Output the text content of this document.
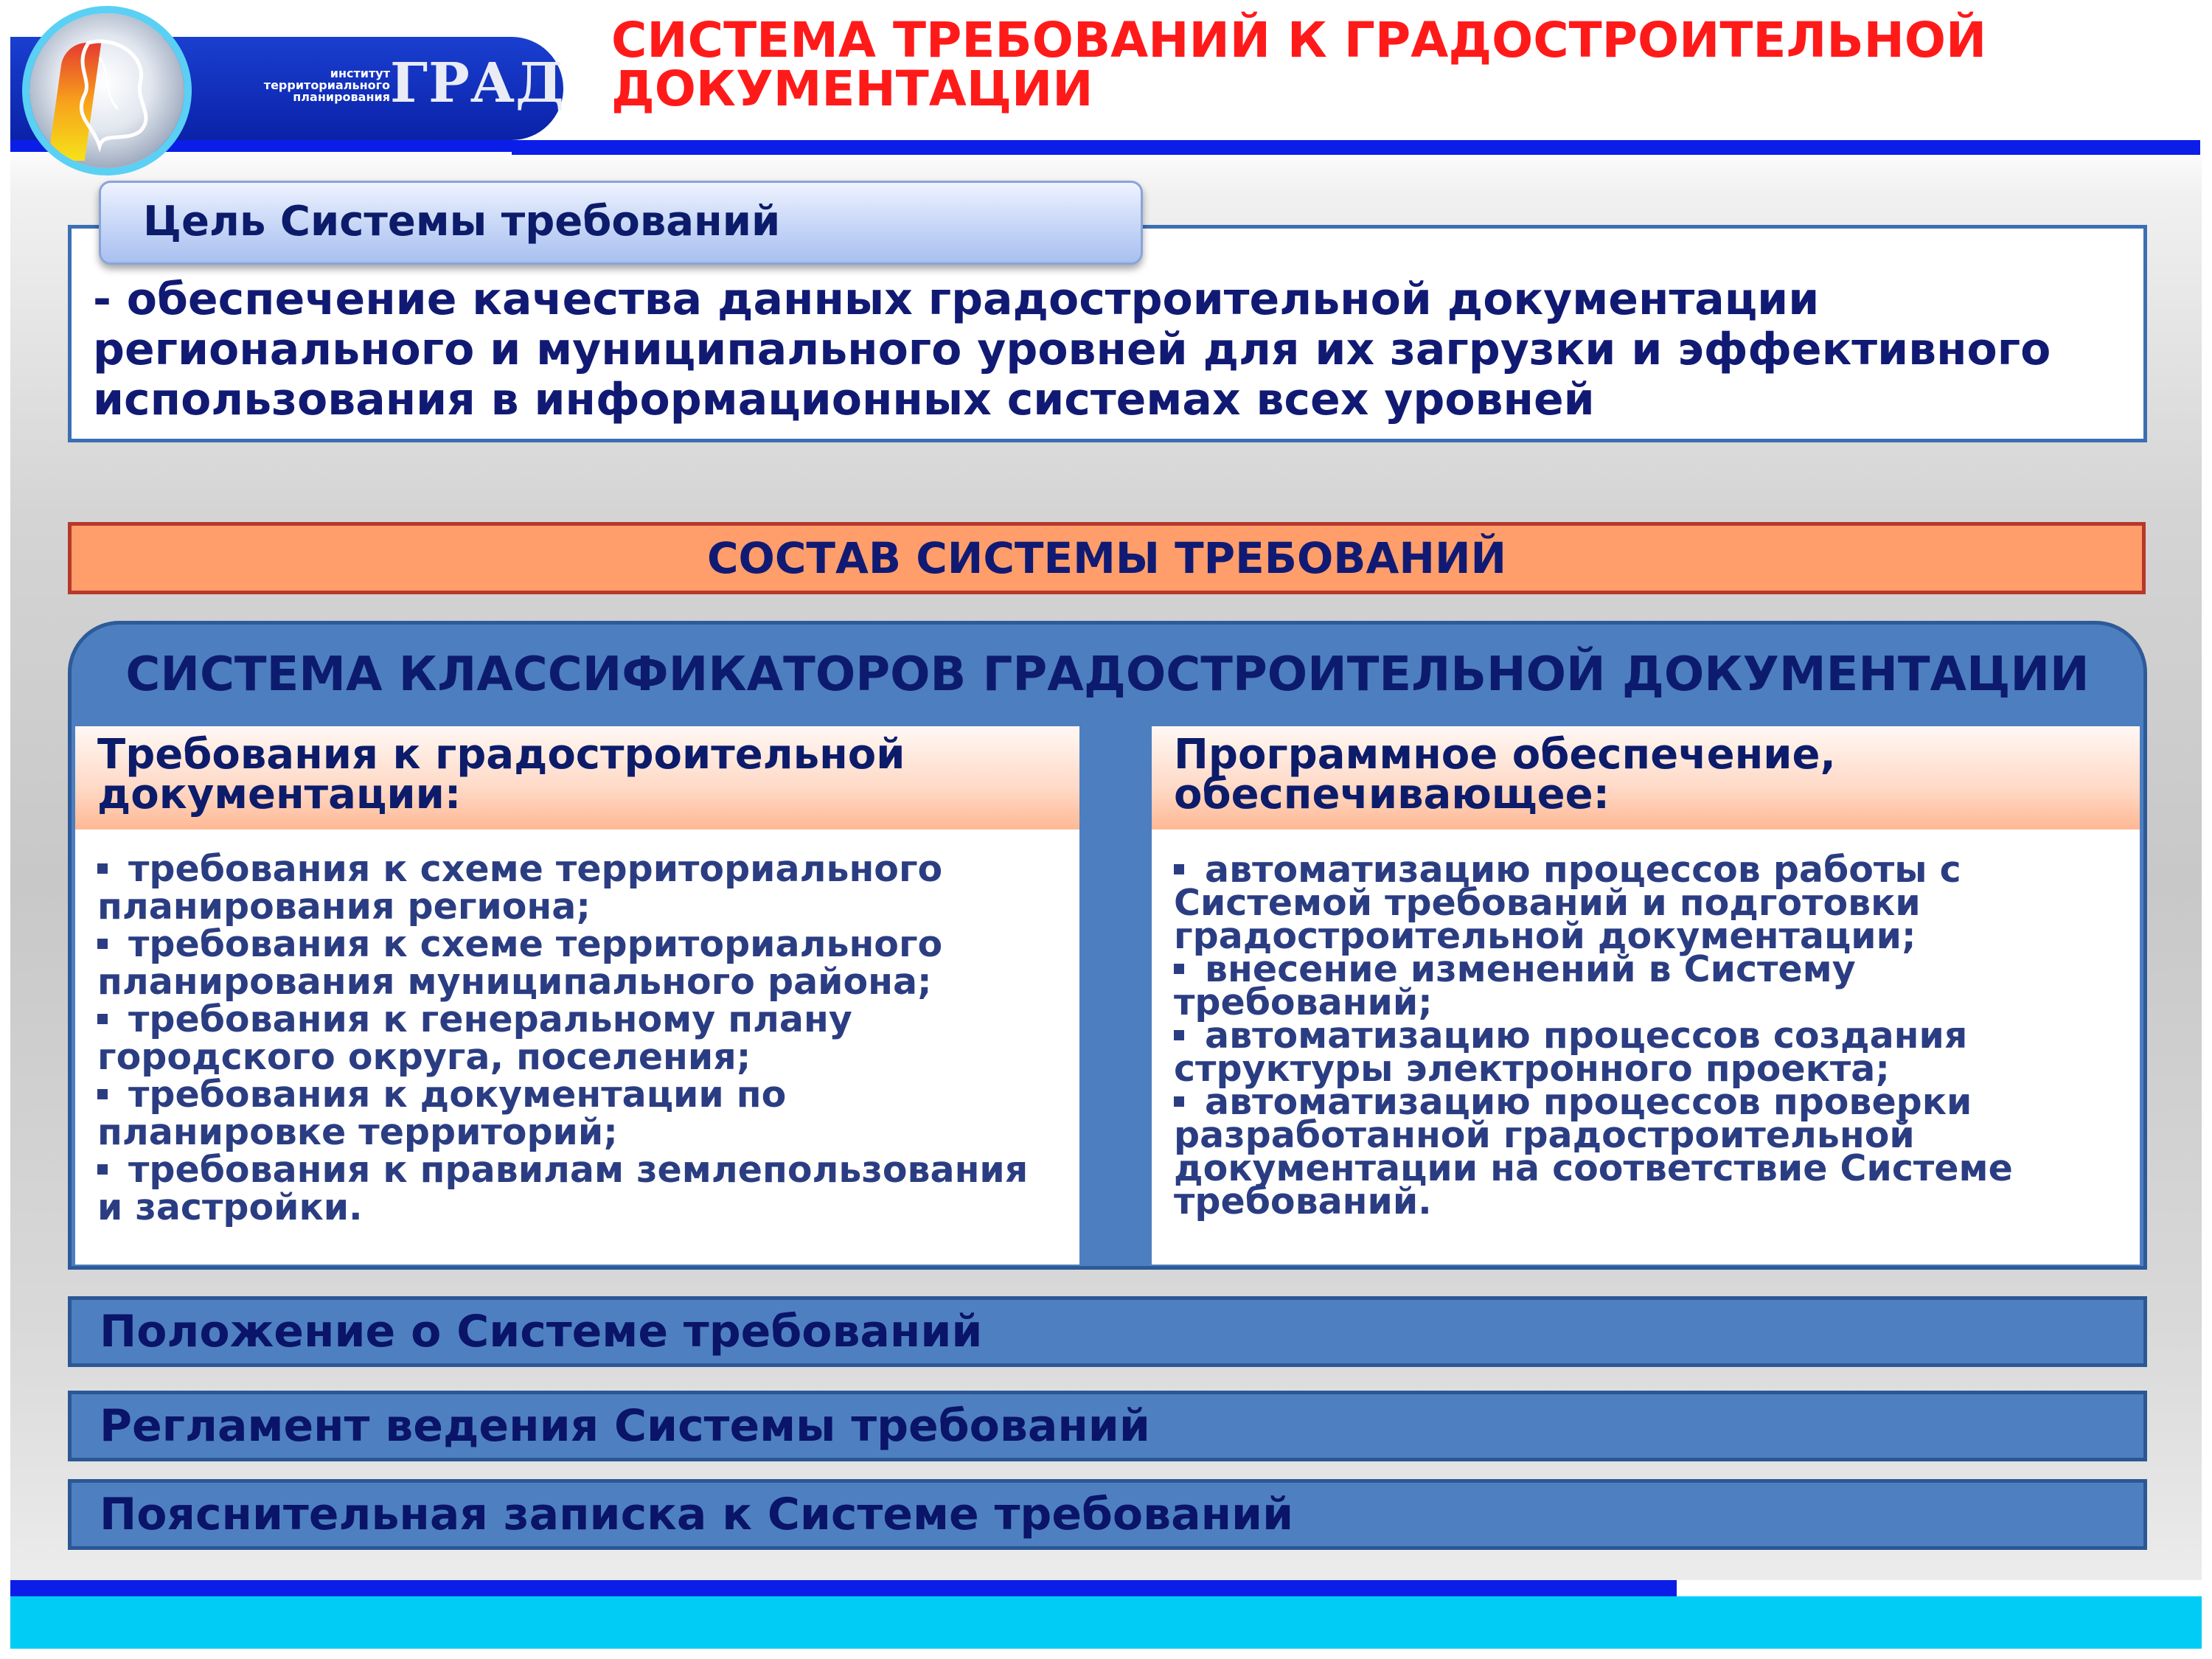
институт
территориального
планирования ГРАД
СИСТЕМА ТРЕБОВАНИЙ К ГРАДОСТРОИТЕЛЬНОЙ
ДОКУМЕНТАЦИИ
Цель Системы требований
- обеспечение качества данных градостроительной документации
регионального и муниципального уровней для их загрузки и эффективного
использования в информационных системах всех уровней
СОСТАВ СИСТЕМЫ ТРЕБОВАНИЙ
СИСТЕМА КЛАССИФИКАТОРОВ ГРАДОСТРОИТЕЛЬНОЙ ДОКУМЕНТАЦИИ
Требования к градостроительной
документации:
требования к схеме территориального
планирования региона;
требования к схеме территориального
планирования муниципального района;
требования к генеральному плану
городского округа, поселения;
требования к документации по
планировке территорий;
требования к правилам землепользования
и застройки.
Программное обеспечение,
обеспечивающее:
автоматизацию процессов работы с
Системой требований и подготовки
градостроительной документации;
внесение изменений в Систему
требований;
автоматизацию процессов создания
структуры электронного проекта;
автоматизацию процессов проверки
разработанной градостроительной
документации на соответствие Системе
требований.
Положение о Системе требований
Регламент ведения Системы требований
Пояснительная записка к Системе требований
